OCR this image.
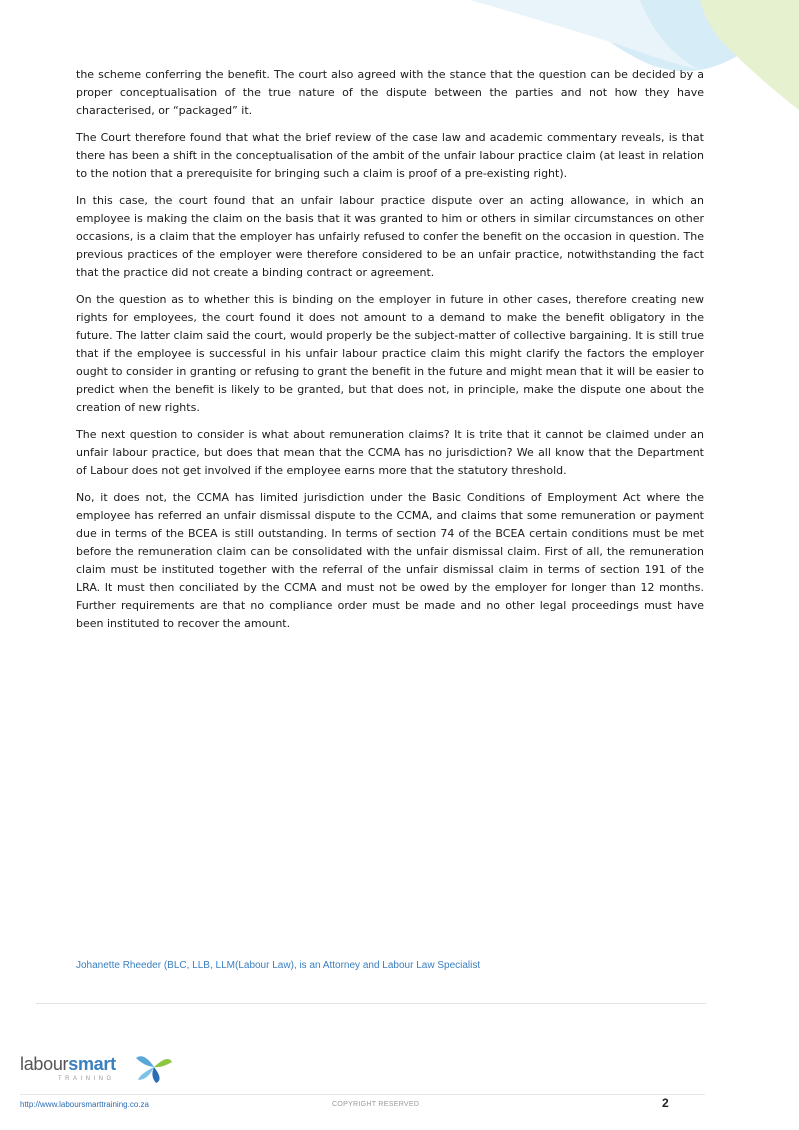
the scheme conferring the benefit. The court also agreed with the stance that the question can be decided by a proper conceptualisation of the true nature of the dispute between the parties and not how they have characterised, or “packaged” it.

The Court therefore found that what the brief review of the case law and academic commentary reveals, is that there has been a shift in the conceptualisation of the ambit of the unfair labour practice claim (at least in relation to the notion that a prerequisite for bringing such a claim is proof of a pre-existing right).

In this case, the court found that an unfair labour practice dispute over an acting allowance, in which an employee is making the claim on the basis that it was granted to him or others in similar circumstances on other occasions, is a claim that the employer has unfairly refused to confer the benefit on the occasion in question. The previous practices of the employer were therefore considered to be an unfair practice, notwithstanding the fact that the practice did not create a binding contract or agreement.

On the question as to whether this is binding on the employer in future in other cases, therefore creating new rights for employees, the court found it does not amount to a demand to make the benefit obligatory in the future. The latter claim said the court, would properly be the subject-matter of collective bargaining. It is still true that if the employee is successful in his unfair labour practice claim this might clarify the factors the employer ought to consider in granting or refusing to grant the benefit in the future and might mean that it will be easier to predict when the benefit is likely to be granted, but that does not, in principle, make the dispute one about the creation of new rights.

The next question to consider is what about remuneration claims? It is trite that it cannot be claimed under an unfair labour practice, but does that mean that the CCMA has no jurisdiction? We all know that the Department of Labour does not get involved if the employee earns more that the statutory threshold.

No, it does not, the CCMA has limited jurisdiction under the Basic Conditions of Employment Act where the employee has referred an unfair dismissal dispute to the CCMA, and claims that some remuneration or payment due in terms of the BCEA is still outstanding. In terms of section 74 of the BCEA certain conditions must be met before the remuneration claim can be consolidated with the unfair dismissal claim. First of all, the remuneration claim must be instituted together with the referral of the unfair dismissal claim in terms of section 191 of the LRA. It must then conciliated by the CCMA and must not be owed by the employer for longer than 12 months. Further requirements are that no compliance order must be made and no other legal proceedings must have been instituted to recover the amount.

Johanette Rheeder (BLC, LLB, LLM(Labour Law), is an Attorney and Labour Law Specialist
laboursmart
TRAINING
http://www.laboursmarttraining.co.za	COPYRIGHT RESERVED	2
